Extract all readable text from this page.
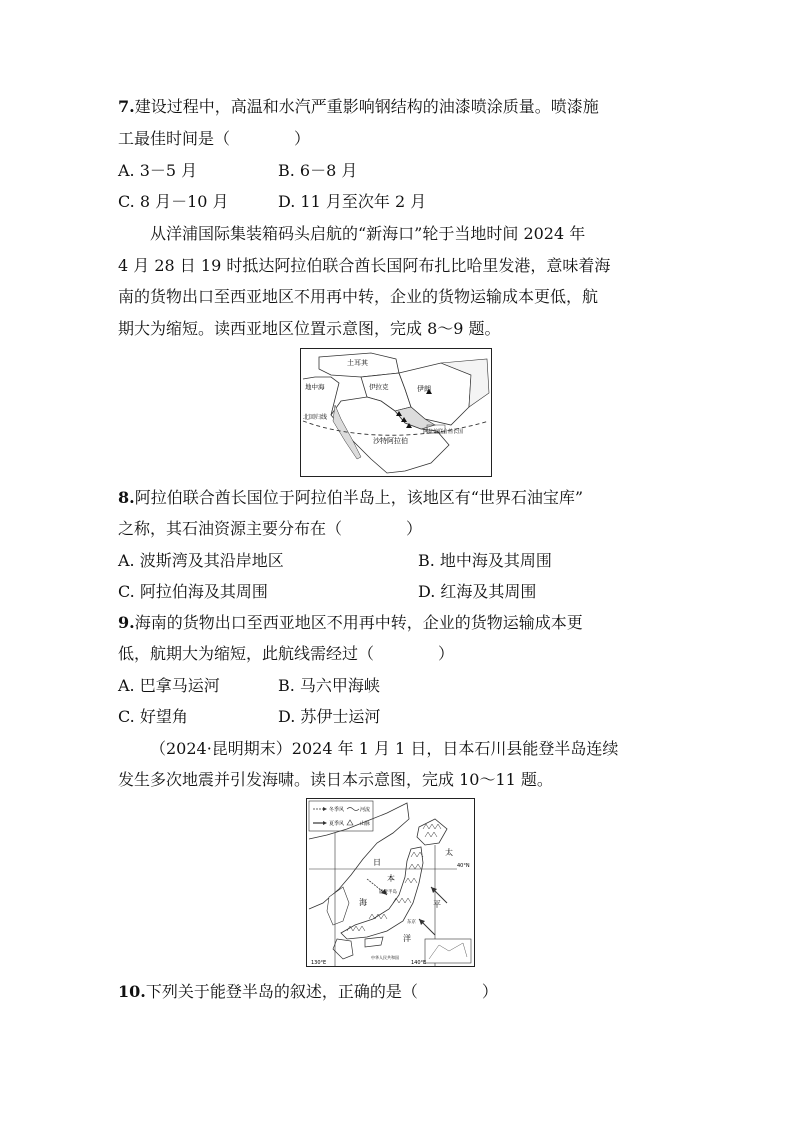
7.建设过程中，高温和水汽严重影响钢结构的油漆喷涂质量。喷漆施
工最佳时间是（　　　　）
A. 3－5 月	B. 6－8 月
C. 8 月－10 月	D. 11 月至次年 2 月
从洋浦国际集装箱码头启航的“新海口”轮于当地时间 2024 年
4 月 28 日 19 时抵达阿拉伯联合酋长国阿布扎比哈里发港，意味着海
南的货物出口至西亚地区不用再中转，企业的货物运输成本更低，航
期大为缩短。读西亚地区位置示意图，完成 8～9 题。
土耳其
地中海	伊拉克	伊朗
北回归线
阿拉伯联合酋长国
沙特阿拉伯
8.阿拉伯联合酋长国位于阿拉伯半岛上，该地区有“世界石油宝库”
之称，其石油资源主要分布在（　　　　）
A. 波斯湾及其沿岸地区	B. 地中海及其周围
C. 阿拉伯海及其周围	D. 红海及其周围
9.海南的货物出口至西亚地区不用再中转，企业的货物运输成本更
低，航期大为缩短，此航线需经过（　　　　）
A. 巴拿马运河	B. 马六甲海峡
C. 好望角	D. 苏伊士运河
（2024·昆明期末）2024 年 1 月 1 日，日本石川县能登半岛连续
发生多次地震并引发海啸。读日本示意图，完成 10～11 题。
冬季风	河流
夏季风	山脉
日
本
海
太
平
洋
40°N
130°E	140°E
能登半岛
东京
中华人民共和国
10.下列关于能登半岛的叙述，正确的是（　　　　）
